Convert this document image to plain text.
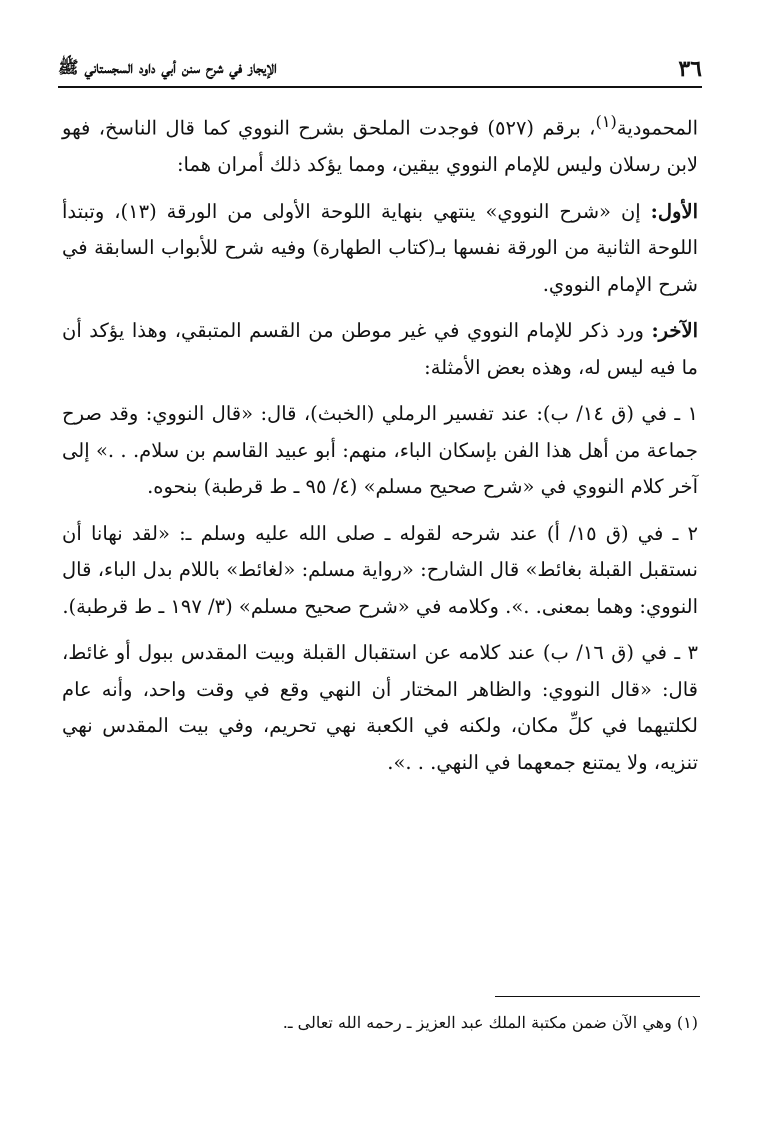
٣٦
الإيجاز في شرح سنن أبي داود السجستاني ﷺ

المحمودية$^{(١)}$، برقم (٥٢٧) فوجدت الملحق بشرح النووي كما قال الناسخ، فهو لابن رسلان وليس للإمام النووي بيقين، ومما يؤكد ذلك أمران هما:

الأول: إن «شرح النووي» ينتهي بنهاية اللوحة الأولى من الورقة (١٣)، وتبتدأ اللوحة الثانية من الورقة نفسها بـ(كتاب الطهارة) وفيه شرح للأبواب السابقة في شرح الإمام النووي.

الآخر: ورد ذكر للإمام النووي في غير موطن من القسم المتبقي، وهذا يؤكد أن ما فيه ليس له، وهذه بعض الأمثلة:

١ ـ في (ق ١٤/ ب): عند تفسير الرملي (الخبث)، قال: «قال النووي: وقد صرح جماعة من أهل هذا الفن بإسكان الباء، منهم: أبو عبيد القاسم بن سلام. . .» إلى آخر كلام النووي في «شرح صحيح مسلم» (٤/ ٩٥ ـ ط قرطبة) بنحوه.

٢ ـ في (ق ١٥/ أ) عند شرحه لقوله ـ صلى الله عليه وسلم ـ: «لقد نهانا أن نستقبل القبلة بغائط» قال الشارح: «رواية مسلم: «لغائط» باللام بدل الباء، قال النووي: وهما بمعنى. .». وكلامه في «شرح صحيح مسلم» (٣/ ١٩٧ ـ ط قرطبة).

٣ ـ في (ق ١٦/ ب) عند كلامه عن استقبال القبلة وبيت المقدس ببول أو غائط، قال: «قال النووي: والظاهر المختار أن النهي وقع في وقت واحد، وأنه عام لكلتيهما في كلِّ مكان، ولكنه في الكعبة نهي تحريم، وفي بيت المقدس نهي تنزيه، ولا يمتنع جمعهما في النهي. . .».

(١) وهي الآن ضمن مكتبة الملك عبد العزيز ـ رحمه الله تعالى ـ.
